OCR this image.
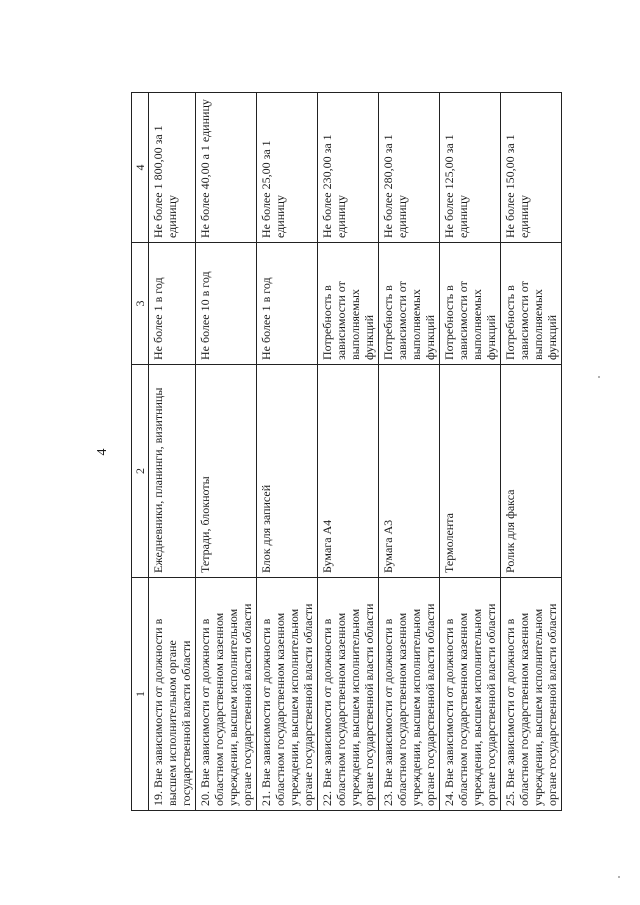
4
1	2	3	4
19. Вне зависимости от должности в высшем исполнительном органе государственной власти области	Ежедневники, планинги, визитницы	Не более 1 в год	Не более 1 800,00 за 1 единицу
20. Вне зависимости от должности в областном государственном казенном учреждении, высшем исполнительном органе государственной власти области	Тетради, блокноты	Не более 10 в год	Не более 40,00 а 1 единицу
21. Вне зависимости от должности в областном государственном казенном учреждении, высшем исполнительном органе государственной власти области	Блок для записей	Не более 1 в год	Не более 25,00 за 1 единицу
22. Вне зависимости от должности в областном государственном казенном учреждении, высшем исполнительном органе государственной власти области	Бумага А4	Потребность в зависимости от выполняемых функций	Не более 230,00 за 1 единицу
23. Вне зависимости от должности в областном государственном казенном учреждении, высшем исполнительном органе государственной власти области	Бумага А3	Потребность в зависимости от выполняемых функций	Не более 280,00 за 1 единицу
24. Вне зависимости от должности в областном государственном казенном учреждении, высшем исполнительном органе государственной власти области	Термолента	Потребность в зависимости от выполняемых функций	Не более 125,00 за 1 единицу
25. Вне зависимости от должности в областном государственном казенном учреждении, высшем исполнительном органе государственной власти области	Ролик для факса	Потребность в зависимости от выполняемых функций	Не более 150,00 за 1 единицу
